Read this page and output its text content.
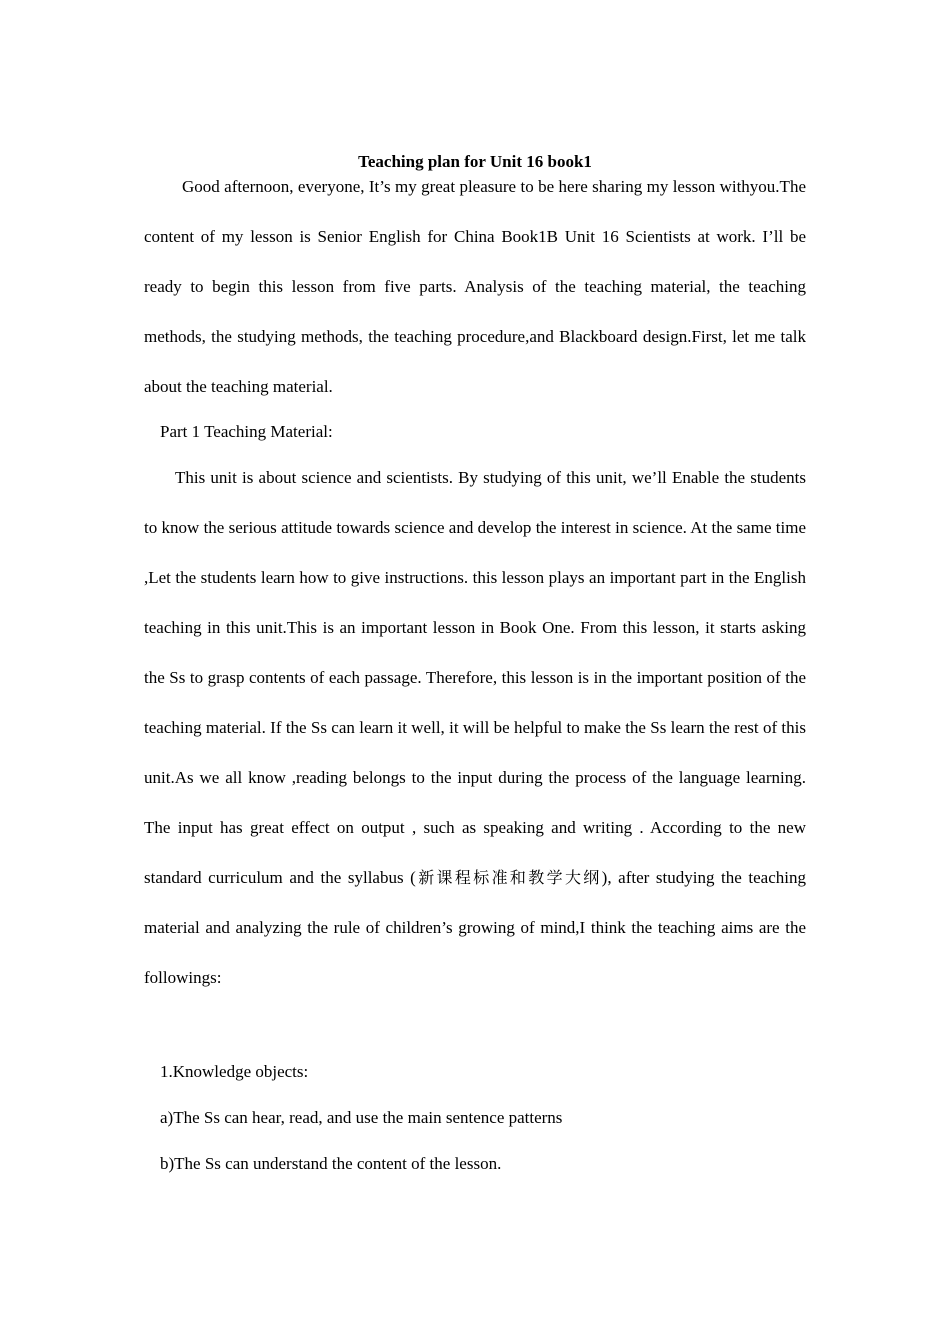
Teaching plan for Unit 16 book1

Good afternoon, everyone, It’s my great pleasure to be here sharing my lesson withyou.The content of my lesson is Senior English for China Book1B Unit 16 Scientists at work. I’ll be ready to begin this lesson from five parts. Analysis of the teaching material, the teaching methods, the studying methods, the teaching procedure,and Blackboard design.First, let me talk about the teaching material.

Part 1 Teaching Material:

This unit is about science and scientists. By studying of this unit, we’ll Enable the students to know the serious attitude towards science and develop the interest in science. At the same time ,Let the students learn how to give instructions. this lesson plays an important part in the English teaching in this unit.This is an important lesson in Book One. From this lesson, it starts asking the Ss to grasp contents of each passage. Therefore, this lesson is in the important position of the teaching material. If the Ss can learn it well, it will be helpful to make the Ss learn the rest of this unit.As we all know ,reading belongs to the input during the process of the language learning. The input has great effect on output , such as speaking and writing . According to the new standard curriculum and the syllabus (新课程标准和教学大纲), after studying the teaching material and analyzing the rule of children’s growing of mind,I think the teaching aims are the followings:

1.Knowledge objects:

a)The Ss can hear, read, and use the main sentence patterns

b)The Ss can understand the content of the lesson.
